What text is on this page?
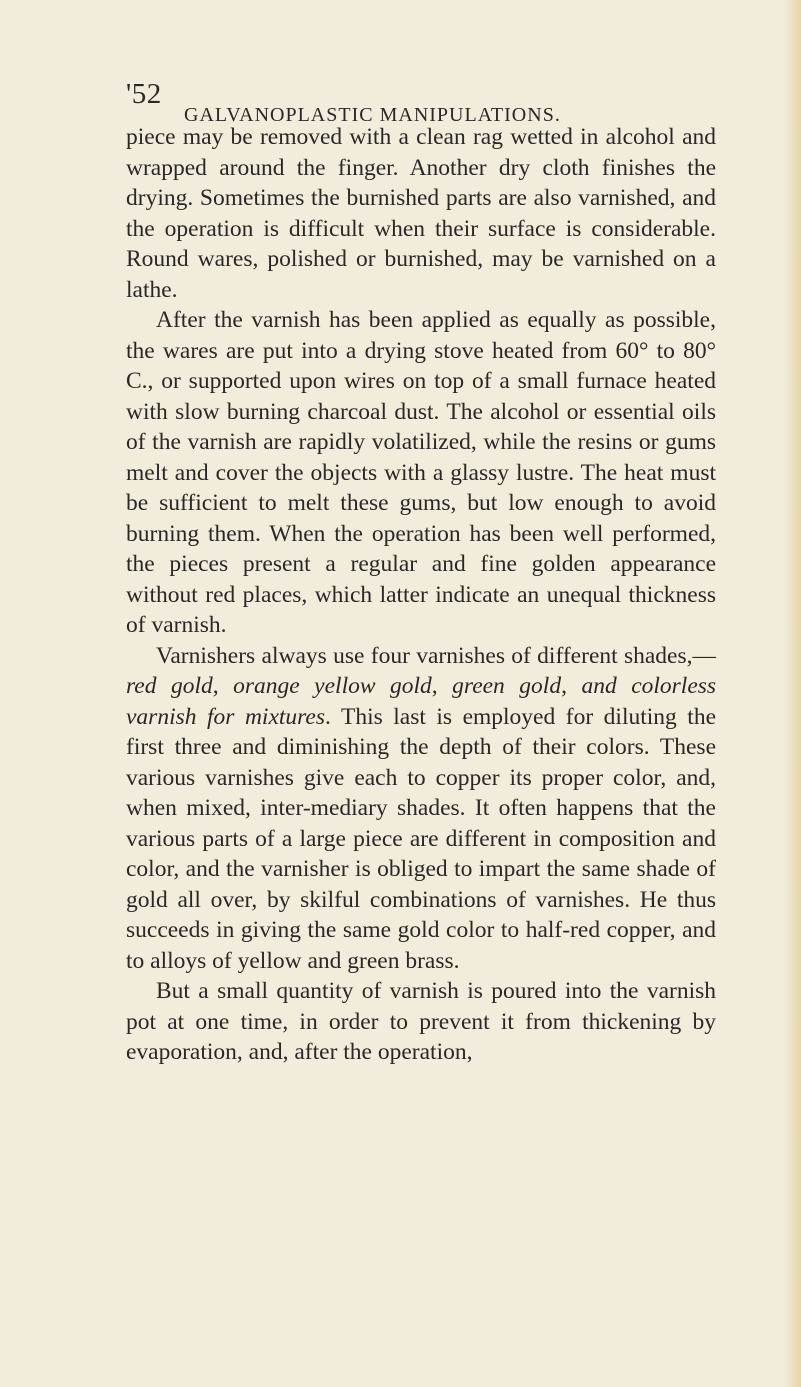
'52
GALVANOPLASTIC MANIPULATIONS.

piece may be removed with a clean rag wetted in alcohol and wrapped around the finger. Another dry cloth finishes the drying. Sometimes the burnished parts are also varnished, and the operation is difficult when their surface is considerable. Round wares, polished or burnished, may be varnished on a lathe.

After the varnish has been applied as equally as possible, the wares are put into a drying stove heated from 60° to 80° C., or supported upon wires on top of a small furnace heated with slow burning charcoal dust. The alcohol or essential oils of the varnish are rapidly volatilized, while the resins or gums melt and cover the objects with a glassy lustre. The heat must be sufficient to melt these gums, but low enough to avoid burning them. When the operation has been well performed, the pieces present a regular and fine golden appearance without red places, which latter indicate an unequal thickness of varnish.

Varnishers always use four varnishes of different shades,— red gold, orange yellow gold, green gold, and colorless varnish for mixtures. This last is employed for diluting the first three and diminishing the depth of their colors. These various varnishes give each to copper its proper color, and, when mixed, inter-mediary shades. It often happens that the various parts of a large piece are different in composition and color, and the varnisher is obliged to impart the same shade of gold all over, by skilful combinations of varnishes. He thus succeeds in giving the same gold color to half-red copper, and to alloys of yellow and green brass.

But a small quantity of varnish is poured into the varnish pot at one time, in order to prevent it from thickening by evaporation, and, after the operation,
